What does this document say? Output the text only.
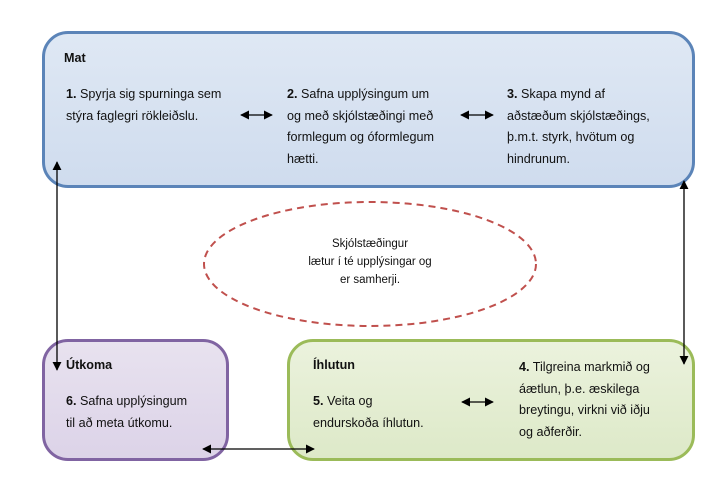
Mat
1. Spyrja sig spurninga sem
stýra faglegri rökleiðslu.
2. Safna upplýsingum um
og með skjólstæðingi með
formlegum og óformlegum
hætti.
3. Skapa mynd af
aðstæðum skjólstæðings,
þ.m.t. styrk, hvötum og
hindrunum.
Skjólstæðingur
lætur í té upplýsingar og
er samherji.
Útkoma
6. Safna upplýsingum
til að meta útkomu.
Íhlutun
5. Veita og
endurskoða íhlutun.
4. Tilgreina markmið og
áætlun, þ.e. æskilega
breytingu, virkni við iðju
og aðferðir.
